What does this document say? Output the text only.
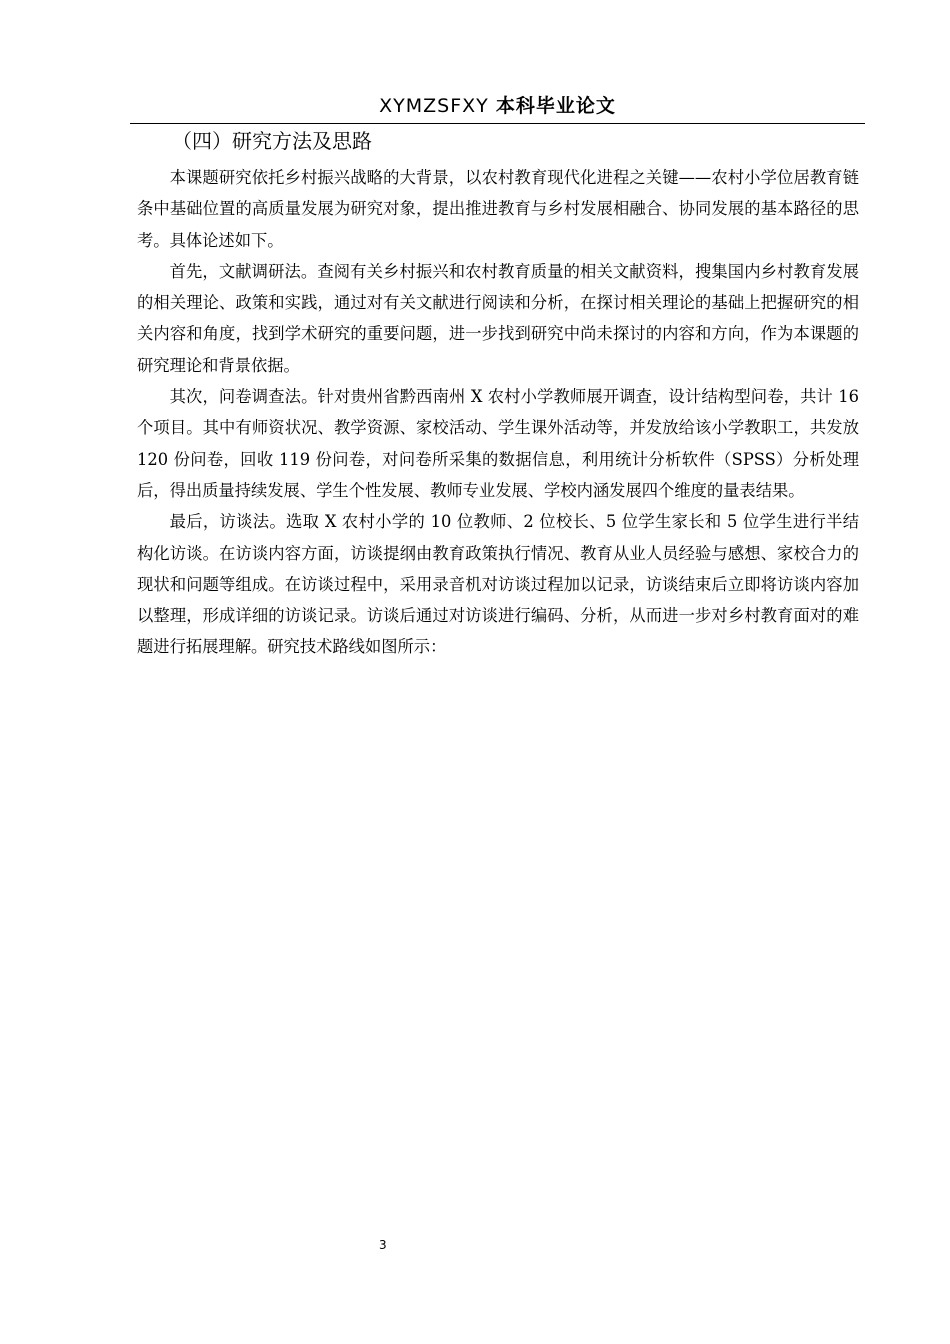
XYMZSFXY 本科毕业论文
（四）研究方法及思路

本课题研究依托乡村振兴战略的大背景，以农村教育现代化进程之关键——农村小学位居教育链条中基础位置的高质量发展为研究对象，提出推进教育与乡村发展相融合、协同发展的基本路径的思考。具体论述如下。

首先，文献调研法。查阅有关乡村振兴和农村教育质量的相关文献资料，搜集国内乡村教育发展的相关理论、政策和实践，通过对有关文献进行阅读和分析，在探讨相关理论的基础上把握研究的相关内容和角度，找到学术研究的重要问题，进一步找到研究中尚未探讨的内容和方向，作为本课题的研究理论和背景依据。

其次，问卷调查法。针对贵州省黔西南州 X 农村小学教师展开调查，设计结构型问卷，共计 16 个项目。其中有师资状况、教学资源、家校活动、学生课外活动等，并发放给该小学教职工，共发放 120 份问卷，回收 119 份问卷，对问卷所采集的数据信息，利用统计分析软件（SPSS）分析处理后，得出质量持续发展、学生个性发展、教师专业发展、学校内涵发展四个维度的量表结果。

最后，访谈法。选取 X 农村小学的 10 位教师、2 位校长、5 位学生家长和 5 位学生进行半结构化访谈。在访谈内容方面，访谈提纲由教育政策执行情况、教育从业人员经验与感想、家校合力的现状和问题等组成。在访谈过程中，采用录音机对访谈过程加以记录，访谈结束后立即将访谈内容加以整理，形成详细的访谈记录。访谈后通过对访谈进行编码、分析，从而进一步对乡村教育面对的难题进行拓展理解。研究技术路线如图所示：

3
